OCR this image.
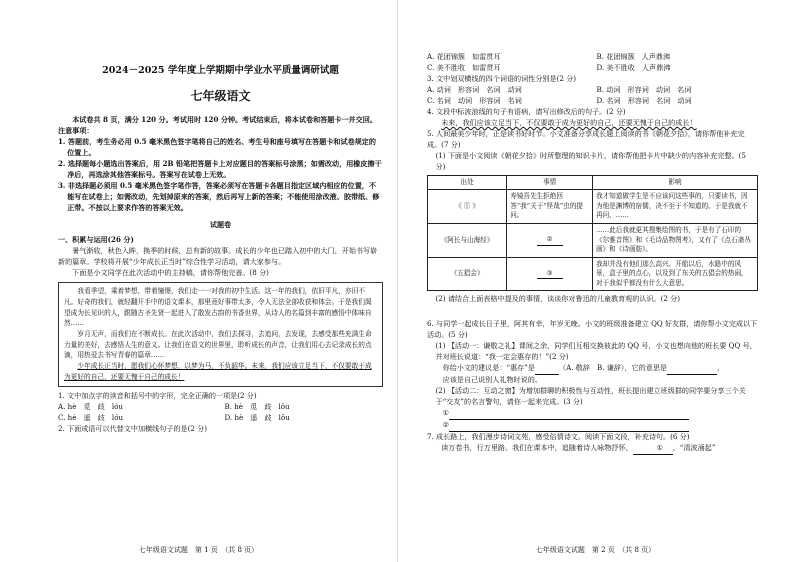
2024－2025 学年度上学期期中学业水平质量调研试题
七年级语文

本试卷共 8 页，满分 120 分。考试用时 120 分钟。考试结束后，将本试卷和答题卡一并交回。

注意事项：

1. 答题前，考生务必用 0.5 毫米黑色签字笔将自己的姓名、考生号和座号填写在答题卡和试卷规定的位置上。

2. 选择题每小题选出答案后，用 2B 铅笔把答题卡上对应题目的答案标号涂黑；如需改动，用橡皮擦干净后，再选涂其他答案标号。答案写在试卷上无效。

3. 非选择题必须用 0.5 毫米黑色签字笔作答，答案必须写在答题卡各题目指定区域内相应的位置，不能写在试卷上；如需改动，先划掉原来的答案，然后再写上新的答案；不能使用涂改液、胶带纸、修正带。不按以上要求作答的答案无效。

试题卷

一、积累与运用(26 分)

暑气渐收，秋色入眸，换季的时候，总有新的故事。成长的少年也已踏入初中的大门，开始书写崭新的篇章。学校将开展“少年成长正当时”综合性学习活动，请大家参与。

下面是小文同学在此次活动中的主持稿，请你帮他完善。(8 分)

我看季望，乘着梦想，带着憧憬，我们走一一对我的初中生活。这一年的我们，依旧平凡，亦旧不凡。好奇的我们，就轻翻开手中的语文课本，那里竟好事带太多，令人无法全部收获和体会。于是我们渴望成为长见识的人，跟随古圣先贤一起进入了散发古韵的书香世界，从诗人的名篇到丰富的感悟中体味自然……

岁月无声，而我们在不断成长。在此次活动中，我们去探寻，去追问，去发现，去感受那些充满生命力量的美好，去感悟人生的意义。让我们在语文的世界里，聆听成长的声音，让我们用心去记录成长的点滴，用热爱去书写青春的篇章……

少年成长正当时，愿我们心怀梦想，以梦为马，不负韶华。未来，我们应该立足当下，不仅要敢于成为更好的自己，还要无愧于自己的成长！

1. 文中加点字的读音和括号中的字形，完全正确的一项是(2 分)

A. hè　觅　歧　lóu	B. hè　觅　歧　lǒu
C. hè　遥　歧　lóu	D. hè　遥　歧　lǒu

2. 下面成语可以代替文中加横线句子的是(2 分)

七年级语文试题　第 1 页　（共 8 页）
A. 花团锦簇　如雷贯耳	B. 花团锦簇　人声鼎沸
C. 美不胜收　如雷贯耳	D. 美不胜收　人声鼎沸

3. 文中划双横线的四个词语的词性分别是(2 分)

A. 动词　形容词　名词　动词	B. 动词　形容词　动词　名词
C. 名词　动词　形容词　名词	D. 名词　形容词　名词　动词

4. 文段中标波浪线的句子有语病，请写出修改后的句子。(2 分)

未来，我们应该立足当下，不仅要敢于成为更好的自己，还要无愧于自己的成长！

5. 人间最美少年时，正是读书好时节。小文准备分享成长题上阅读的书《朝花夕拾》，请你帮他补充完成。(7 分)

(1) 下面是小文阅读《朝花夕拾》时所整理的知识卡片，请你帮他把卡片中缺少的内容补充完整。(5 分)

出处	事情	影响
《 ① 》	寿镜吾先生拒绝回答“我”关于“怪哉”虫的提问。	我才知道做学生是不应该问这些事的，只要读书，因为他是渊博的宿儒，决不至于不知道的。于是我就不再问，……
《阿长与山海经》	②	……此后我就更其搜集绘图的书，于是有了石印的《尔雅音图》和《毛诗品物图考》，又有了《点石斋丛画》和《诗画舫》。
《五猖会》	③	我却并没有他们那么高兴。开船以后，水路中的风景，盒子里的点心，以及到了东关的五猖会的热闹，对于我似乎都没有什么大意思。

(2) 请结合上面表格中提及的事情，谈谈你对鲁迅的儿童教育观的认识。(2 分)

6. 与同学一起成长日子里，阿其有幸，年岁无晚。小文的班级准备建立 QQ 好友群，请你帮小文完成以下活动。(5 分)

(1) 【活动一：谦敬之礼】课间之余，同学们互相交换彼此的 QQ 号，小文也想向他的班长要 QQ 号，并对班长说道：“我一定会惠存的！”(2 分)

你给小文的建议是：“惠存”是	（A. 敬辞　B. 谦辞），它的意思是	，

应该是自己说别人礼物时说的。

(2) 【活动二：互动之窗】为增加群聊的积极性与互动性，班长提出建立班级群的同学要分享三个关于“交友”的名言警句，请你一起来完成。(3 分)

①

②

7. 成长路上，我们漫步诗词文苑，感受俗情诗文。阅读下面文段，补充诗句。(6 分)

读万卷书，行万里路。我们在课本中，追随着诗人咏物抒怀，	① ，“清波涌起”

七年级语文试题　第 2 页　（共 8 页）
